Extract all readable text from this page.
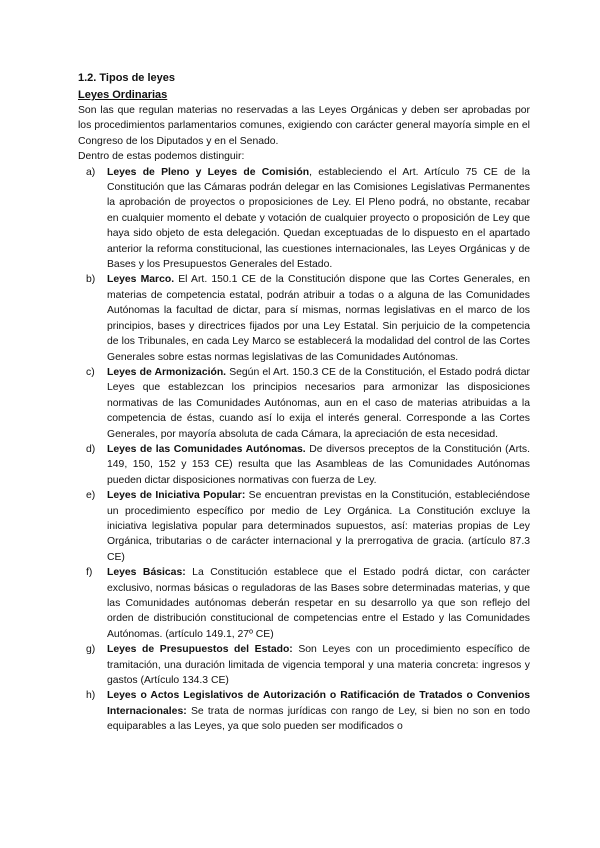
1.2. Tipos de leyes

Leyes Ordinarias

Son las que regulan materias no reservadas a las Leyes Orgánicas y deben ser aprobadas por los procedimientos parlamentarios comunes, exigiendo con carácter general mayoría simple en el Congreso de los Diputados y en el Senado.

Dentro de estas podemos distinguir:

a) Leyes de Pleno y Leyes de Comisión, estableciendo el Art. Artículo 75 CE de la Constitución que las Cámaras podrán delegar en las Comisiones Legislativas Permanentes la aprobación de proyectos o proposiciones de Ley. El Pleno podrá, no obstante, recabar en cualquier momento el debate y votación de cualquier proyecto o proposición de Ley que haya sido objeto de esta delegación. Quedan exceptuadas de lo dispuesto en el apartado anterior la reforma constitucional, las cuestiones internacionales, las Leyes Orgánicas y de Bases y los Presupuestos Generales del Estado.
b) Leyes Marco. El Art. 150.1 CE de la Constitución dispone que las Cortes Generales, en materias de competencia estatal, podrán atribuir a todas o a alguna de las Comunidades Autónomas la facultad de dictar, para sí mismas, normas legislativas en el marco de los principios, bases y directrices fijados por una Ley Estatal. Sin perjuicio de la competencia de los Tribunales, en cada Ley Marco se establecerá la modalidad del control de las Cortes Generales sobre estas normas legislativas de las Comunidades Autónomas.
c) Leyes de Armonización. Según el Art. 150.3 CE de la Constitución, el Estado podrá dictar Leyes que establezcan los principios necesarios para armonizar las disposiciones normativas de las Comunidades Autónomas, aun en el caso de materias atribuidas a la competencia de éstas, cuando así lo exija el interés general. Corresponde a las Cortes Generales, por mayoría absoluta de cada Cámara, la apreciación de esta necesidad.
d) Leyes de las Comunidades Autónomas. De diversos preceptos de la Constitución (Arts. 149, 150, 152 y 153 CE) resulta que las Asambleas de las Comunidades Autónomas pueden dictar disposiciones normativas con fuerza de Ley.
e) Leyes de Iniciativa Popular: Se encuentran previstas en la Constitución, estableciéndose un procedimiento específico por medio de Ley Orgánica. La Constitución excluye la iniciativa legislativa popular para determinados supuestos, así: materias propias de Ley Orgánica, tributarias o de carácter internacional y la prerrogativa de gracia. (artículo 87.3 CE)
f) Leyes Básicas: La Constitución establece que el Estado podrá dictar, con carácter exclusivo, normas básicas o reguladoras de las Bases sobre determinadas materias, y que las Comunidades autónomas deberán respetar en su desarrollo ya que son reflejo del orden de distribución constitucional de competencias entre el Estado y las Comunidades Autónomas. (artículo 149.1, 27º CE)
g) Leyes de Presupuestos del Estado: Son Leyes con un procedimiento específico de tramitación, una duración limitada de vigencia temporal y una materia concreta: ingresos y gastos (Artículo 134.3 CE)
h) Leyes o Actos Legislativos de Autorización o Ratificación de Tratados o Convenios Internacionales: Se trata de normas jurídicas con rango de Ley, si bien no son en todo equiparables a las Leyes, ya que solo pueden ser modificados o
